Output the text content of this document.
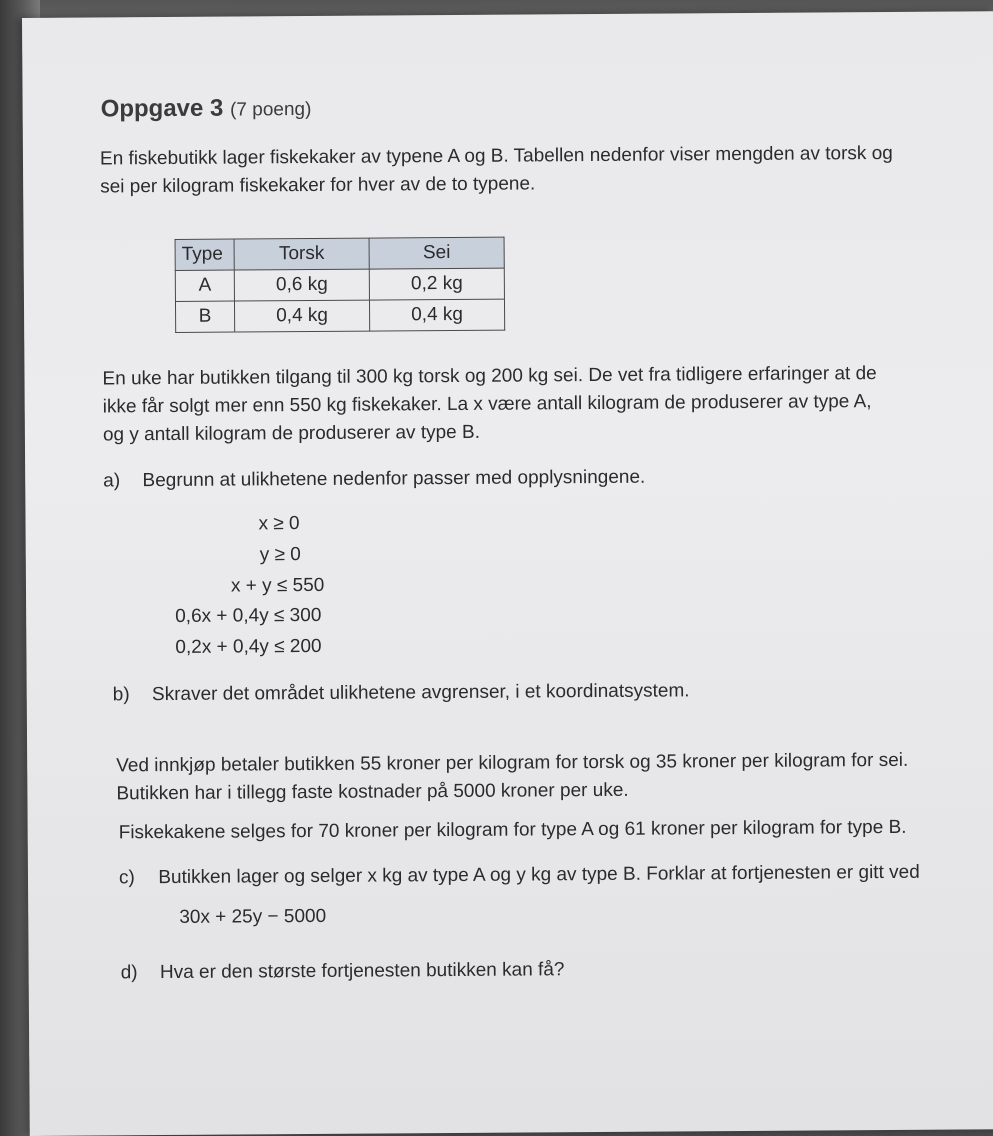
Oppgave 3 (7 poeng)
En fiskebutikk lager fiskekaker av typene A og B. Tabellen nedenfor viser mengden av torsk og
sei per kilogram fiskekaker for hver av de to typene.
Type	Torsk	Sei
A	0,6 kg	0,2 kg
B	0,4 kg	0,4 kg
En uke har butikken tilgang til 300 kg torsk og 200 kg sei. De vet fra tidligere erfaringer at de
ikke får solgt mer enn 550 kg fiskekaker. La x være antall kilogram de produserer av type A,
og y antall kilogram de produserer av type B.
a) Begrunn at ulikhetene nedenfor passer med opplysningene.
x ≥ 0
y ≥ 0
x + y ≤ 550
0,6x + 0,4y ≤ 300
0,2x + 0,4y ≤ 200
b) Skraver det området ulikhetene avgrenser, i et koordinatsystem.
Ved innkjøp betaler butikken 55 kroner per kilogram for torsk og 35 kroner per kilogram for sei.
Butikken har i tillegg faste kostnader på 5000 kroner per uke.
Fiskekakene selges for 70 kroner per kilogram for type A og 61 kroner per kilogram for type B.
c) Butikken lager og selger x kg av type A og y kg av type B. Forklar at fortjenesten er gitt ved
30x + 25y − 5000
d) Hva er den største fortjenesten butikken kan få?
